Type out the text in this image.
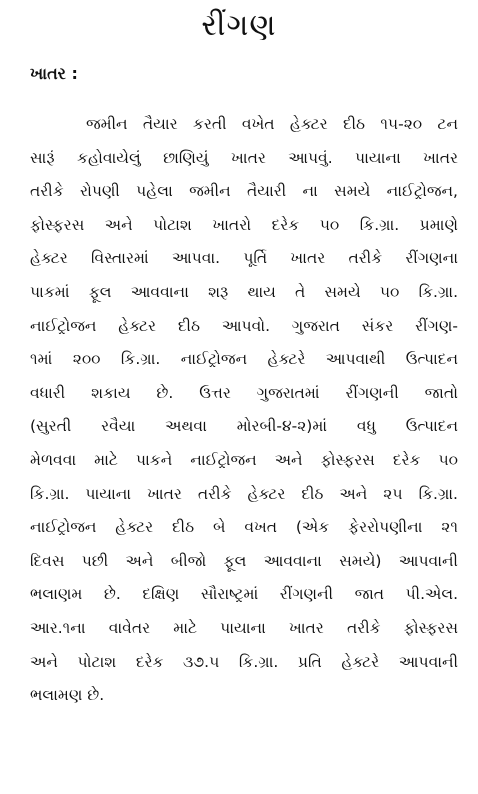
રીંગણ
ખાતર :
જમીન તૈયાર કરતી વખેત હેક્ટર દીઠ ૧૫-૨૦ ટન
સારૂં કહોવાયેલું છાણિયું ખાતર આપવું. પાયાના ખાતર
તરીકે રોપણી પહેલા જમીન તૈયારી ના સમયે નાઈટ્રોજન,
ફોસ્ફરસ અને પોટાશ ખાતરો દરેક ૫૦ કિ.ગ્રા. પ્રમાણે
હેક્ટર વિસ્તારમાં આપવા. પૂર્તિ ખાતર તરીકે રીંગણના
પાકમાં ફૂલ આવવાના શરૂ થાય તે સમયે ૫૦ કિ.ગ્રા.
નાઈટ્રોજન હેક્ટર દીઠ આપવો. ગુજરાત સંકર રીંગણ-
૧માં ૨૦૦ કિ.ગ્રા. નાઈટ્રોજન હેક્ટરે આપવાથી ઉત્પાદન
વધારી શકાય છે. ઉત્તર ગુજરાતમાં રીંગણની જાતો
(સુરતી રવૈયા અથવા મોરબી-૪-૨)માં વધુ ઉત્પાદન
મેળવવા માટે પાકને નાઈટ્રોજન અને ફોસ્ફરસ દરેક ૫૦
કિ.ગ્રા. પાયાના ખાતર તરીકે હેક્ટર દીઠ અને ૨૫ કિ.ગ્રા.
નાઈટ્રોજન હેક્ટર દીઠ બે વખત (એક ફેરરોપણીના ૨૧
દિવસ પછી અને બીજો ફૂલ આવવાના સમયે) આપવાની
ભલાણમ છે. દક્ષિણ સૌરાષ્ટ્રમાં રીંગણની જાત પી.એલ.
આર.૧ના વાવેતર માટે પાયાના ખાતર તરીકે ફોસ્ફરસ
અને પોટાશ દરેક ૩૭.૫ કિ.ગ્રા. પ્રતિ હેક્ટરે આપવાની
ભલામણ છે.
